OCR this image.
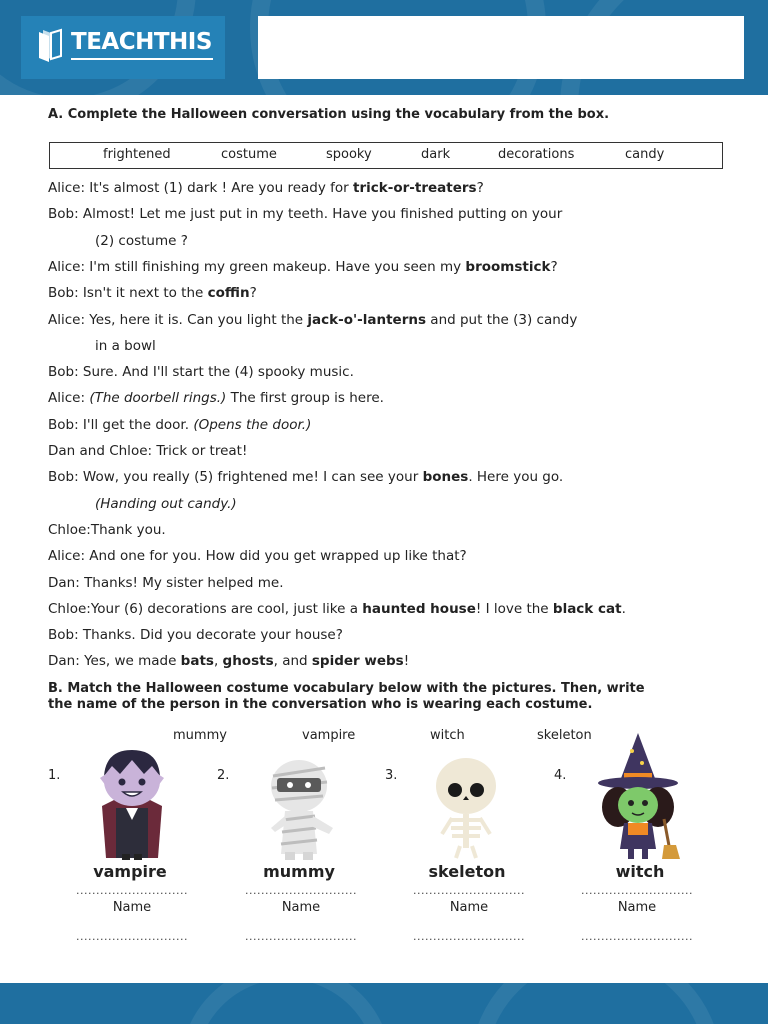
TEACHTHIS
A. Complete the Halloween conversation using the vocabulary from the box.
frightened	costume	spooky	dark	decorations	candy
Alice: It's almost (1) dark ! Are you ready for trick-or-treaters?
Bob: Almost! Let me just put in my teeth. Have you finished putting on your
(2) costume ?
Alice: I'm still finishing my green makeup. Have you seen my broomstick?
Bob: Isn't it next to the coffin?
Alice: Yes, here it is. Can you light the jack-o'-lanterns and put the (3) candy
in a bowl
Bob: Sure. And I'll start the (4) spooky music.
Alice: (The doorbell rings.) The first group is here.
Bob: I'll get the door. (Opens the door.)
Dan and Chloe: Trick or treat!
Bob: Wow, you really (5) frightened me! I can see your bones. Here you go.
(Handing out candy.)
Chloe:Thank you.
Alice: And one for you. How did you get wrapped up like that?
Dan: Thanks! My sister helped me.
Chloe:Your (6) decorations are cool, just like a haunted house! I love the black cat.
Bob: Thanks. Did you decorate your house?
Dan: Yes, we made bats, ghosts, and spider webs!
B. Match the Halloween costume vocabulary below with the pictures. Then, write
the name of the person in the conversation who is wearing each costume.
mummy	vampire	witch	skeleton
1.
vampire
............................
Name
............................
2.
mummy
............................
Name
............................
3.
skeleton
............................
Name
............................
4.
witch
............................
Name
............................
